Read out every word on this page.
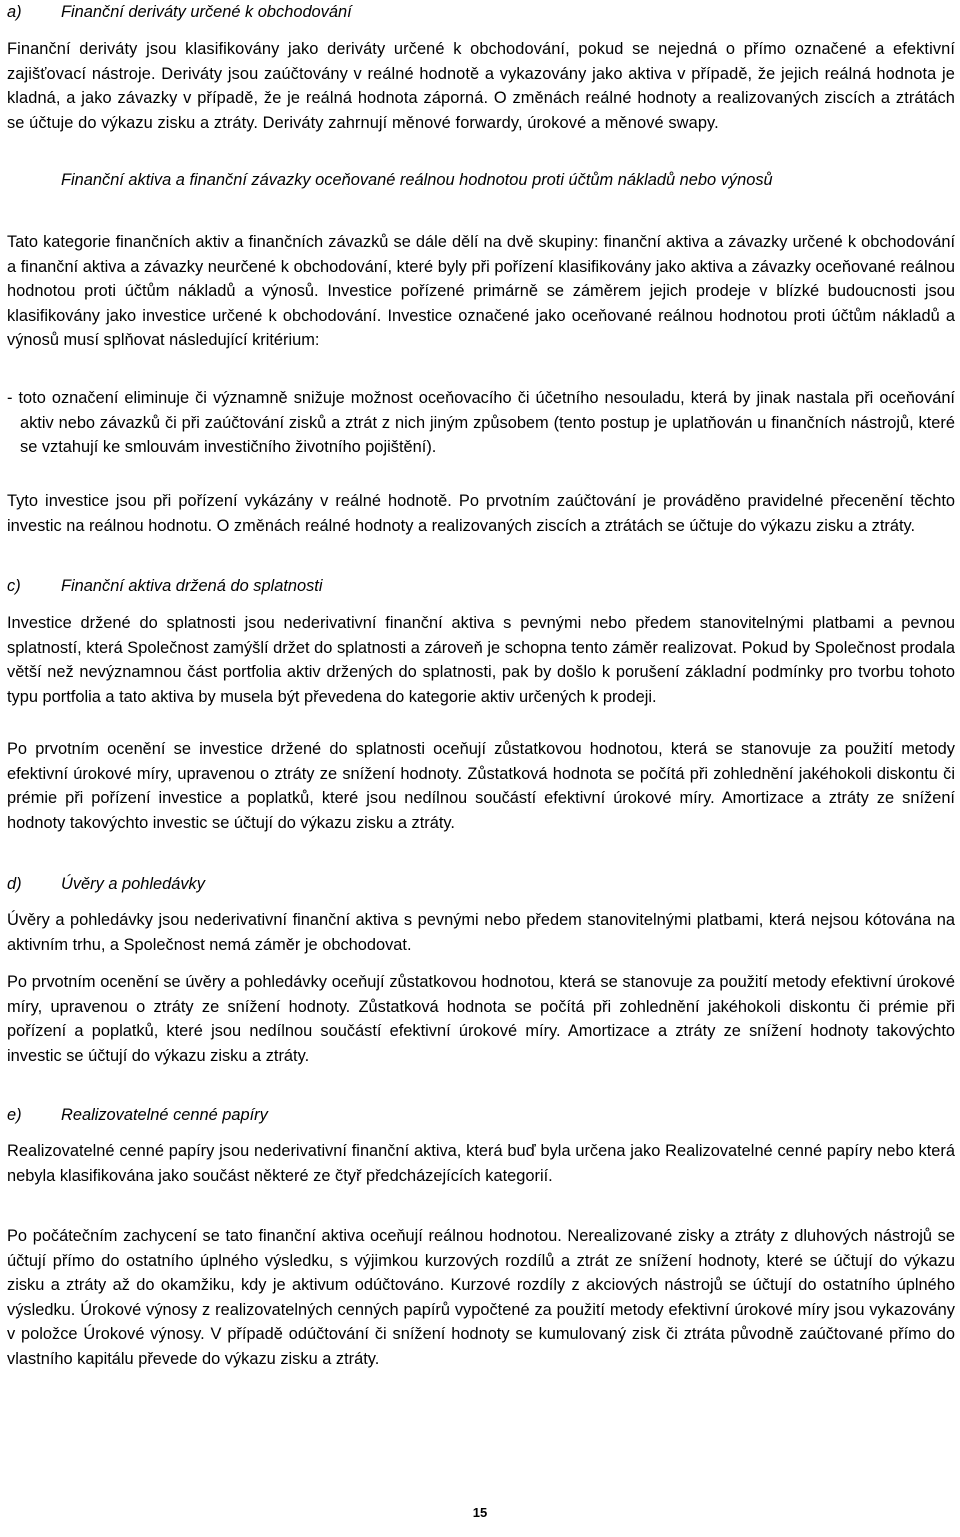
a) Finanční deriváty určené k obchodování
Finanční deriváty jsou klasifikovány jako deriváty určené k obchodování, pokud se nejedná o přímo označené a efektivní zajišťovací nástroje. Deriváty jsou zaúčtovány v reálné hodnotě a vykazovány jako aktiva v případě, že jejich reálná hodnota je kladná, a jako závazky v případě, že je reálná hodnota záporná. O změnách reálné hodnoty a realizovaných ziscích a ztrátách se účtuje do výkazu zisku a ztráty. Deriváty zahrnují měnové forwardy, úrokové a měnové swapy.
Finanční aktiva a finanční závazky oceňované reálnou hodnotou proti účtům nákladů nebo výnosů
Tato kategorie finančních aktiv a finančních závazků se dále dělí na dvě skupiny: finanční aktiva a závazky určené k obchodování a finanční aktiva a závazky neurčené k obchodování, které byly při pořízení klasifikovány jako aktiva a závazky oceňované reálnou hodnotou proti účtům nákladů a výnosů. Investice pořízené primárně se záměrem jejich prodeje v blízké budoucnosti jsou klasifikovány jako investice určené k obchodování. Investice označené jako oceňované reálnou hodnotou proti účtům nákladů a výnosů musí splňovat následující kritérium:
- toto označení eliminuje či významně snižuje možnost oceňovacího či účetního nesouladu, která by jinak nastala při oceňování aktiv nebo závazků či při zaúčtování zisků a ztrát z nich jiným způsobem (tento postup je uplatňován u finančních nástrojů, které se vztahují ke smlouvám investičního životního pojištění).
Tyto investice jsou při pořízení vykázány v reálné hodnotě. Po prvotním zaúčtování je prováděno pravidelné přecenění těchto investic na reálnou hodnotu. O změnách reálné hodnoty a realizovaných ziscích a ztrátách se účtuje do výkazu zisku a ztráty.
c) Finanční aktiva držená do splatnosti
Investice držené do splatnosti jsou nederivativní finanční aktiva s pevnými nebo předem stanovitelnými platbami a pevnou splatností, která Společnost zamýšlí držet do splatnosti a zároveň je schopna tento záměr realizovat. Pokud by Společnost prodala větší než nevýznamnou část portfolia aktiv držených do splatnosti, pak by došlo k porušení základní podmínky pro tvorbu tohoto typu portfolia a tato aktiva by musela být převedena do kategorie aktiv určených k prodeji.
Po prvotním ocenění se investice držené do splatnosti oceňují zůstatkovou hodnotou, která se stanovuje za použití metody efektivní úrokové míry, upravenou o ztráty ze snížení hodnoty. Zůstatková hodnota se počítá při zohlednění jakéhokoli diskontu či prémie při pořízení investice a poplatků, které jsou nedílnou součástí efektivní úrokové míry. Amortizace a ztráty ze snížení hodnoty takovýchto investic se účtují do výkazu zisku a ztráty.
d) Úvěry a pohledávky
Úvěry a pohledávky jsou nederivativní finanční aktiva s pevnými nebo předem stanovitelnými platbami, která nejsou kótována na aktivním trhu, a Společnost nemá záměr je obchodovat.
Po prvotním ocenění se úvěry a pohledávky oceňují zůstatkovou hodnotou, která se stanovuje za použití metody efektivní úrokové míry, upravenou o ztráty ze snížení hodnoty. Zůstatková hodnota se počítá při zohlednění jakéhokoli diskontu či prémie při pořízení a poplatků, které jsou nedílnou součástí efektivní úrokové míry. Amortizace a ztráty ze snížení hodnoty takovýchto investic se účtují do výkazu zisku a ztráty.
e) Realizovatelné cenné papíry
Realizovatelné cenné papíry jsou nederivativní finanční aktiva, která buď byla určena jako Realizovatelné cenné papíry nebo která nebyla klasifikována jako součást některé ze čtyř předcházejících kategorií.
Po počátečním zachycení se tato finanční aktiva oceňují reálnou hodnotou. Nerealizované zisky a ztráty z dluhových nástrojů se účtují přímo do ostatního úplného výsledku, s výjimkou kurzových rozdílů a ztrát ze snížení hodnoty, které se účtují do výkazu zisku a ztráty až do okamžiku, kdy je aktivum odúčtováno. Kurzové rozdíly z akciových nástrojů se účtují do ostatního úplného výsledku. Úrokové výnosy z realizovatelných cenných papírů vypočtené za použití metody efektivní úrokové míry jsou vykazovány v položce Úrokové výnosy. V případě odúčtování či snížení hodnoty se kumulovaný zisk či ztráta původně zaúčtované přímo do vlastního kapitálu převede do výkazu zisku a ztráty.
15
